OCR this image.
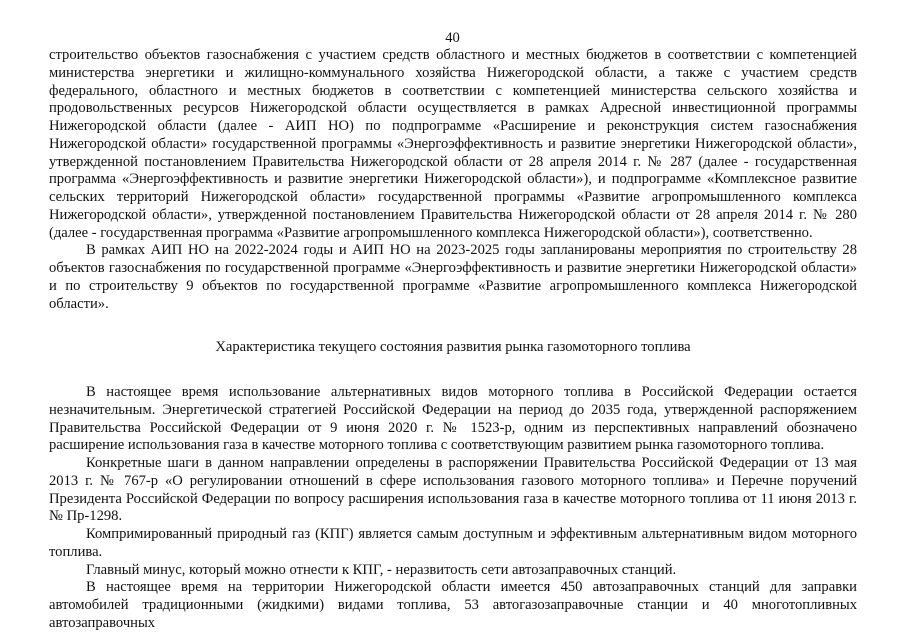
40

строительство объектов газоснабжения с участием средств областного и местных бюджетов в соответствии с компетенцией министерства энергетики и жилищно-коммунального хозяйства Нижегородской области, а также с участием средств федерального, областного и местных бюджетов в соответствии с компетенцией министерства сельского хозяйства и продовольственных ресурсов Нижегородской области осуществляется в рамках Адресной инвестиционной программы Нижегородской области (далее - АИП НО) по подпрограмме «Расширение и реконструкция систем газоснабжения Нижегородской области» государственной программы «Энергоэффективность и развитие энергетики Нижегородской области», утвержденной постановлением Правительства Нижегородской области от 28 апреля 2014 г. № 287 (далее - государственная программа «Энергоэффективность и развитие энергетики Нижегородской области»), и подпрограмме «Комплексное развитие сельских территорий Нижегородской области» государственной программы «Развитие агропромышленного комплекса Нижегородской области», утвержденной постановлением Правительства Нижегородской области от 28 апреля 2014 г. № 280 (далее - государственная программа «Развитие агропромышленного комплекса Нижегородской области»), соответственно.

В рамках АИП НО на 2022-2024 годы и АИП НО на 2023-2025 годы запланированы мероприятия по строительству 28 объектов газоснабжения по государственной программе «Энергоэффективность и развитие энергетики Нижегородской области» и по строительству 9 объектов по государственной программе «Развитие агропромышленного комплекса Нижегородской области».

Характеристика текущего состояния развития рынка газомоторного топлива

В настоящее время использование альтернативных видов моторного топлива в Российской Федерации остается незначительным. Энергетической стратегией Российской Федерации на период до 2035 года, утвержденной распоряжением Правительства Российской Федерации от 9 июня 2020 г. № 1523-р, одним из перспективных направлений обозначено расширение использования газа в качестве моторного топлива с соответствующим развитием рынка газомоторного топлива.

Конкретные шаги в данном направлении определены в распоряжении Правительства Российской Федерации от 13 мая 2013 г. № 767-р «О регулировании отношений в сфере использования газового моторного топлива» и Перечне поручений Президента Российской Федерации по вопросу расширения использования газа в качестве моторного топлива от 11 июня 2013 г. № Пр-1298.

Компримированный природный газ (КПГ) является самым доступным и эффективным альтернативным видом моторного топлива.

Главный минус, который можно отнести к КПГ, - неразвитость сети автозаправочных станций.

В настоящее время на территории Нижегородской области имеется 450 автозаправочных станций для заправки автомобилей традиционными (жидкими) видами топлива, 53 автогазозаправочные станции и 40 многотопливных автозаправочных
